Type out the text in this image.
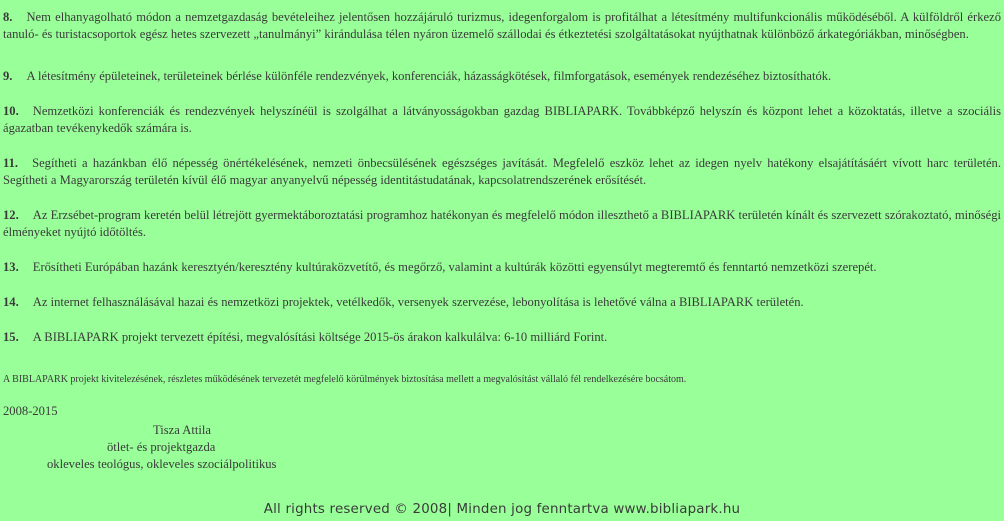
8. Nem elhanyagolható módon a nemzetgazdaság bevételeihez jelentősen hozzájáruló turizmus, idegenforgalom is profitálhat a létesítmény multifunkcionális működéséből. A külföldről érkező tanuló- és turistacsoportok egész hetes szervezett „tanulmányi” kirándulása télen nyáron üzemelő szállodai és étkeztetési szolgáltatásokat nyújthatnak különböző árkategóriákban, minőségben.

9. A létesítmény épületeinek, területeinek bérlése különféle rendezvények, konferenciák, házasságkötések, filmforgatások, események rendezéséhez biztosíthatók.

10. Nemzetközi konferenciák és rendezvények helyszínéül is szolgálhat a látványosságokban gazdag BIBLIAPARK. Továbbképző helyszín és központ lehet a közoktatás, illetve a szociális ágazatban tevékenykedők számára is.

11. Segítheti a hazánkban élő népesség önértékelésének, nemzeti önbecsülésének egészséges javítását. Megfelelő eszköz lehet az idegen nyelv hatékony elsajátításáért vívott harc területén. Segítheti a Magyarország területén kívül élő magyar anyanyelvű népesség identitástudatának, kapcsolatrendszerének erősítését.

12. Az Erzsébet-program keretén belül létrejött gyermektáboroztatási programhoz hatékonyan és megfelelő módon illeszthető a BIBLIAPARK területén kínált és szervezett szórakoztató, minőségi élményeket nyújtó időtöltés.

13. Erősítheti Európában hazánk keresztyén/keresztény kultúraközvetítő, és megőrző, valamint a kultúrák közötti egyensúlyt megteremtő és fenntartó nemzetközi szerepét.

14. Az internet felhasználásával hazai és nemzetközi projektek, vetélkedők, versenyek szervezése, lebonyolítása is lehetővé válna a BIBLIAPARK területén.

15. A BIBLIAPARK projekt tervezett építési, megvalósítási költsége 2015-ös árakon kalkulálva: 6-10 milliárd Forint.

A BIBLAPARK projekt kivitelezésének, részletes működésének tervezetét megfelelő körülmények biztosítása mellett a megvalósítást vállaló fél rendelkezésére bocsátom.
2008-2015
Tisza Attila
ötlet- és projektgazda
okleveles teológus, okleveles szociálpolitikus
All rights reserved © 2008| Minden jog fenntartva www.bibliapark.hu
